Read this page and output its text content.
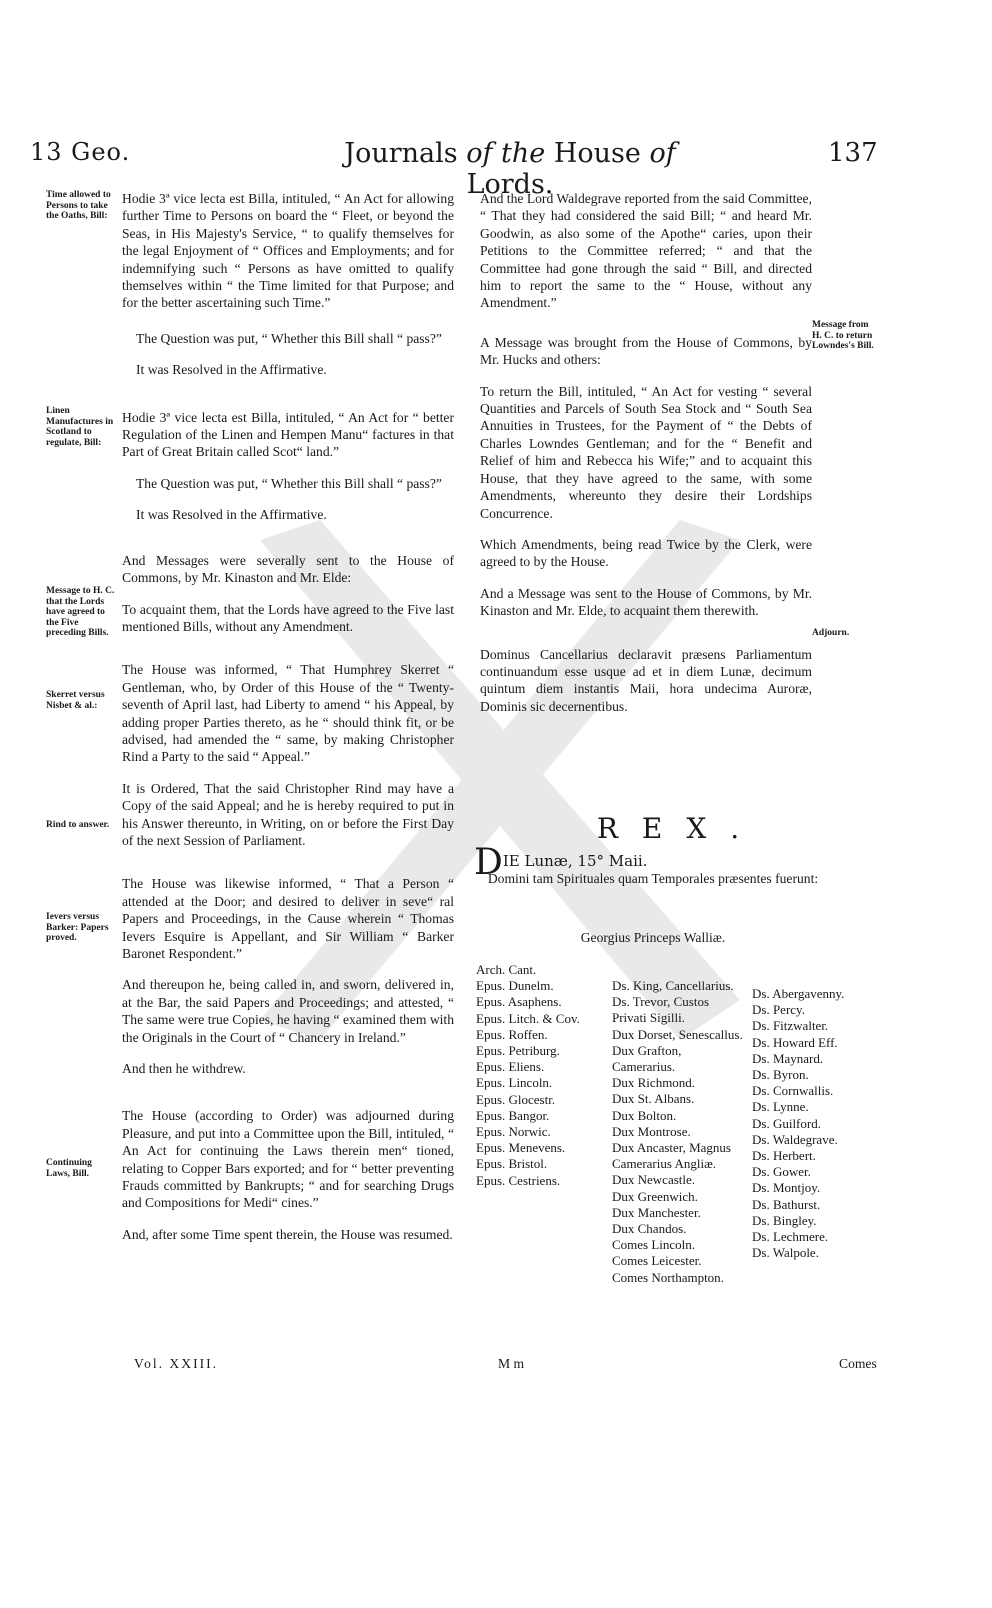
13 Geo.	Journals of the House of Lords.
137
Time allowed to Persons to take the Oaths, Bill:
Linen Manufactures in Scotland to regulate, Bill:
Message to H. C. that the Lords have agreed to the Five preceding Bills.
Skerret versus Nisbet & al.:
Rind to answer.
Ievers versus Barker: Papers proved.
Continuing Laws, Bill.

Hodie 3ª vice lecta est Billa, intituled, “ An Act for allowing further Time to Persons on board the “ Fleet, or beyond the Seas, in His Majesty's Service, “ to qualify themselves for the legal Enjoyment of “ Offices and Employments; and for indemnifying such “ Persons as have omitted to qualify themselves within “ the Time limited for that Purpose; and for the better ascertaining such Time.”

The Question was put, “ Whether this Bill shall “ pass?”

It was Resolved in the Affirmative.

Hodie 3ª vice lecta est Billa, intituled, “ An Act for “ better Regulation of the Linen and Hempen Manu“ factures in that Part of Great Britain called Scot“ land.”

The Question was put, “ Whether this Bill shall “ pass?”

It was Resolved in the Affirmative.

And Messages were severally sent to the House of Commons, by Mr. Kinaston and Mr. Elde:

To acquaint them, that the Lords have agreed to the Five last mentioned Bills, without any Amendment.

The House was informed, “ That Humphrey Skerret “ Gentleman, who, by Order of this House of the “ Twenty-seventh of April last, had Liberty to amend “ his Appeal, by adding proper Parties thereto, as he “ should think fit, or be advised, had amended the “ same, by making Christopher Rind a Party to the said “ Appeal.”

It is Ordered, That the said Christopher Rind may have a Copy of the said Appeal; and he is hereby required to put in his Answer thereunto, in Writing, on or before the First Day of the next Session of Parliament.

The House was likewise informed, “ That a Person “ attended at the Door; and desired to deliver in seve“ ral Papers and Proceedings, in the Cause wherein “ Thomas Ievers Esquire is Appellant, and Sir William “ Barker Baronet Respondent.”

And thereupon he, being called in, and sworn, delivered in, at the Bar, the said Papers and Proceedings; and attested, “ The same were true Copies, he having “ examined them with the Originals in the Court of “ Chancery in Ireland.”

And then he withdrew.

The House (according to Order) was adjourned during Pleasure, and put into a Committee upon the Bill, intituled, “ An Act for continuing the Laws therein men“ tioned, relating to Copper Bars exported; and for “ better preventing Frauds committed by Bankrupts; “ and for searching Drugs and Compositions for Medi“ cines.”

And, after some Time spent therein, the House was resumed.

And the Lord Waldegrave reported from the said Committee, “ That they had considered the said Bill; “ and heard Mr. Goodwin, as also some of the Apothe“ caries, upon their Petitions to the Committee referred; “ and that the Committee had gone through the said “ Bill, and directed him to report the same to the “ House, without any Amendment.”

A Message was brought from the House of Commons, by Mr. Hucks and others:

To return the Bill, intituled, “ An Act for vesting “ several Quantities and Parcels of South Sea Stock and “ South Sea Annuities in Trustees, for the Payment of “ the Debts of Charles Lowndes Gentleman; and for the “ Benefit and Relief of him and Rebecca his Wife;” and to acquaint this House, that they have agreed to the same, with some Amendments, whereunto they desire their Lordships Concurrence.

Which Amendments, being read Twice by the Clerk, were agreed to by the House.

And a Message was sent to the House of Commons, by Mr. Kinaston and Mr. Elde, to acquaint them therewith.

Dominus Cancellarius declaravit præsens Parliamentum continuandum esse usque ad et in diem Lunæ, decimum quintum diem instantis Maii, hora undecima Auroræ, Dominis sic decernentibus.

Message from H. C. to return Lowndes's Bill.
Adjourn.
REX.
DIE Lunæ, 15° Maii.
Domini tam Spirituales quam Temporales præsentes fuerunt:
Georgius Princeps Walliæ.
Arch. Cant.
Epus. Dunelm.
Epus. Asaphens.
Epus. Litch. & Cov.
Epus. Roffen.
Epus. Petriburg.
Epus. Eliens.
Epus. Lincoln.
Epus. Glocestr.
Epus. Bangor.
Epus. Norwic.
Epus. Menevens.
Epus. Bristol.
Epus. Cestriens.
Ds. King, Cancellarius.
Ds. Trevor, Custos Privati Sigilli.
Dux Dorset, Senescallus.
Dux Grafton, Camerarius.
Dux Richmond.
Dux St. Albans.
Dux Bolton.
Dux Montrose.
Dux Ancaster, Magnus Camerarius Angliæ.
Dux Newcastle.
Dux Greenwich.
Dux Manchester.
Dux Chandos.
Comes Lincoln.
Comes Leicester.
Comes Northampton.
Ds. Abergavenny.
Ds. Percy.
Ds. Fitzwalter.
Ds. Howard Eff.
Ds. Maynard.
Ds. Byron.
Ds. Cornwallis.
Ds. Lynne.
Ds. Guilford.
Ds. Waldegrave.
Ds. Herbert.
Ds. Gower.
Ds. Montjoy.
Ds. Bathurst.
Ds. Bingley.
Ds. Lechmere.
Ds. Walpole.
Vol. XXIII.	M m	Comes
